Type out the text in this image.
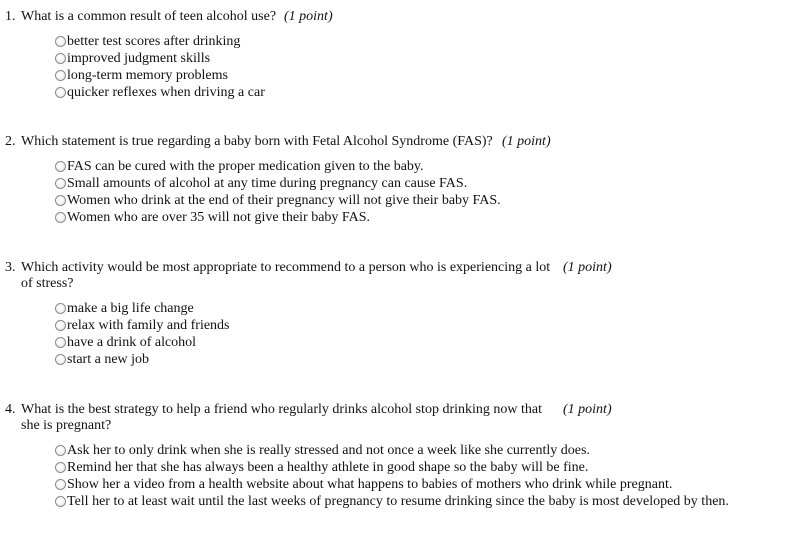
1. What is a common result of teen alcohol use? (1 point)
better test scores after drinking
improved judgment skills
long-term memory problems
quicker reflexes when driving a car
2. Which statement is true regarding a baby born with Fetal Alcohol Syndrome (FAS)? (1 point)
FAS can be cured with the proper medication given to the baby.
Small amounts of alcohol at any time during pregnancy can cause FAS.
Women who drink at the end of their pregnancy will not give their baby FAS.
Women who are over 35 will not give their baby FAS.
3. Which activity would be most appropriate to recommend to a person who is experiencing a lot
of stress?
(1 point)
make a big life change
relax with family and friends
have a drink of alcohol
start a new job
4. What is the best strategy to help a friend who regularly drinks alcohol stop drinking now that
she is pregnant?
(1 point)
Ask her to only drink when she is really stressed and not once a week like she currently does.
Remind her that she has always been a healthy athlete in good shape so the baby will be fine.
Show her a video from a health website about what happens to babies of mothers who drink while pregnant.
Tell her to at least wait until the last weeks of pregnancy to resume drinking since the baby is most developed by then.
